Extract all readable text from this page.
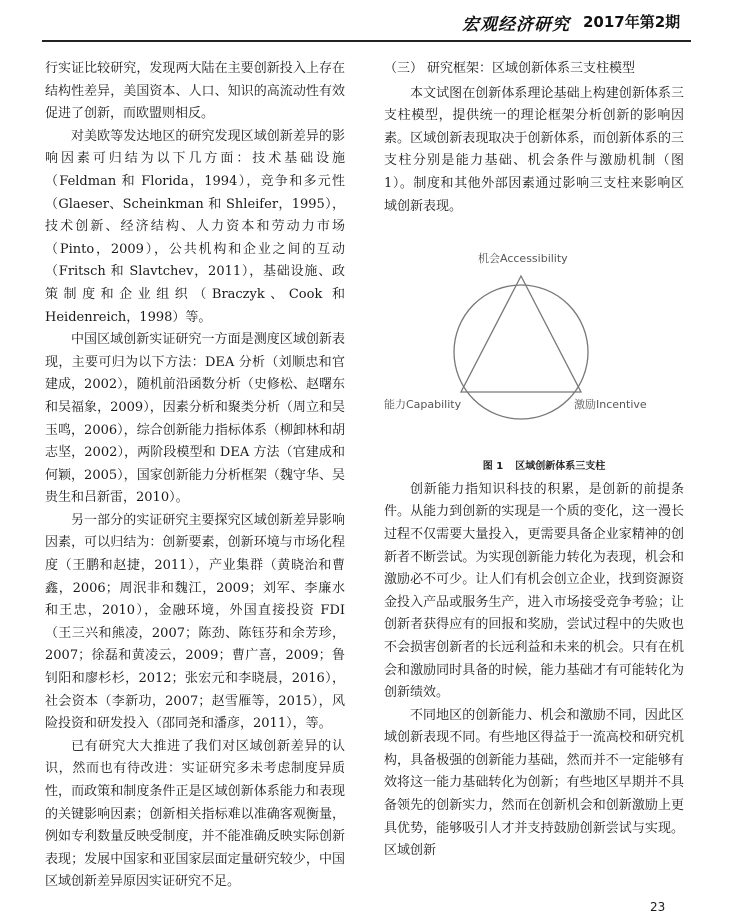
宏观经济研究 2017年第2期

行实证比较研究，发现两大陆在主要创新投入上存在结构性差异，美国资本、人口、知识的高流动性有效促进了创新，而欧盟则相反。

对美欧等发达地区的研究发现区域创新差异的影响因素可归结为以下几方面：技术基础设施（Feldman 和 Florida，1994），竞争和多元性（Glaeser、Scheinkman 和 Shleifer，1995），技术创新、经济结构、人力资本和劳动力市场（Pinto，2009），公共机构和企业之间的互动（Fritsch 和 Slavtchev，2011），基础设施、政策制度和企业组织（Braczyk、Cook 和 Heidenreich，1998）等。

中国区域创新实证研究一方面是测度区域创新表现，主要可归为以下方法：DEA 分析（刘顺忠和官建成，2002），随机前沿函数分析（史修松、赵曙东和吴福象，2009），因素分析和聚类分析（周立和吴玉鸣，2006），综合创新能力指标体系（柳卸林和胡志坚，2002），两阶段模型和 DEA 方法（官建成和何颖，2005），国家创新能力分析框架（魏守华、吴贵生和吕新雷，2010）。

另一部分的实证研究主要探究区域创新差异影响因素，可以归结为：创新要素，创新环境与市场化程度（王鹏和赵捷，2011），产业集群（黄晓治和曹鑫，2006；周泯非和魏江，2009；刘军、李廉水和王忠，2010），金融环境，外国直接投资 FDI（王三兴和熊凌，2007；陈劲、陈钰芬和余芳珍，2007；徐磊和黄凌云，2009；曹广喜，2009；鲁钊阳和廖杉杉，2012；张宏元和李晓晨，2016），社会资本（李新功，2007；赵雪雁等，2015），风险投资和研发投入（邵同尧和潘彦，2011），等。

已有研究大大推进了我们对区域创新差异的认识，然而也有待改进：实证研究多未考虑制度异质性，而政策和制度条件正是区域创新体系能力和表现的关键影响因素；创新相关指标难以准确客观衡量，例如专利数量反映受制度，并不能准确反映实际创新表现；发展中国家和亚国家层面定量研究较少，中国区域创新差异原因实证研究不足。

（三） 研究框架：区域创新体系三支柱模型

本文试图在创新体系理论基础上构建创新体系三支柱模型，提供统一的理论框架分析创新的影响因素。区域创新表现取决于创新体系，而创新体系的三支柱分别是能力基础、机会条件与激励机制（图 1）。制度和其他外部因素通过影响三支柱来影响区域创新表现。

机会Accessibility
能力Capability	激励Incentive

图 1 区域创新体系三支柱

创新能力指知识科技的积累，是创新的前提条件。从能力到创新的实现是一个质的变化，这一漫长过程不仅需要大量投入，更需要具备企业家精神的创新者不断尝试。为实现创新能力转化为表现，机会和激励必不可少。让人们有机会创立企业，找到资源资金投入产品或服务生产，进入市场接受竞争考验；让创新者获得应有的回报和奖励，尝试过程中的失败也不会损害创新者的长远利益和未来的机会。只有在机会和激励同时具备的时候，能力基础才有可能转化为创新绩效。

不同地区的创新能力、机会和激励不同，因此区域创新表现不同。有些地区得益于一流高校和研究机构，具备极强的创新能力基础，然而并不一定能够有效将这一能力基础转化为创新；有些地区早期并不具备领先的创新实力，然而在创新机会和创新激励上更具优势，能够吸引人才并支持鼓励创新尝试与实现。区域创新

23
